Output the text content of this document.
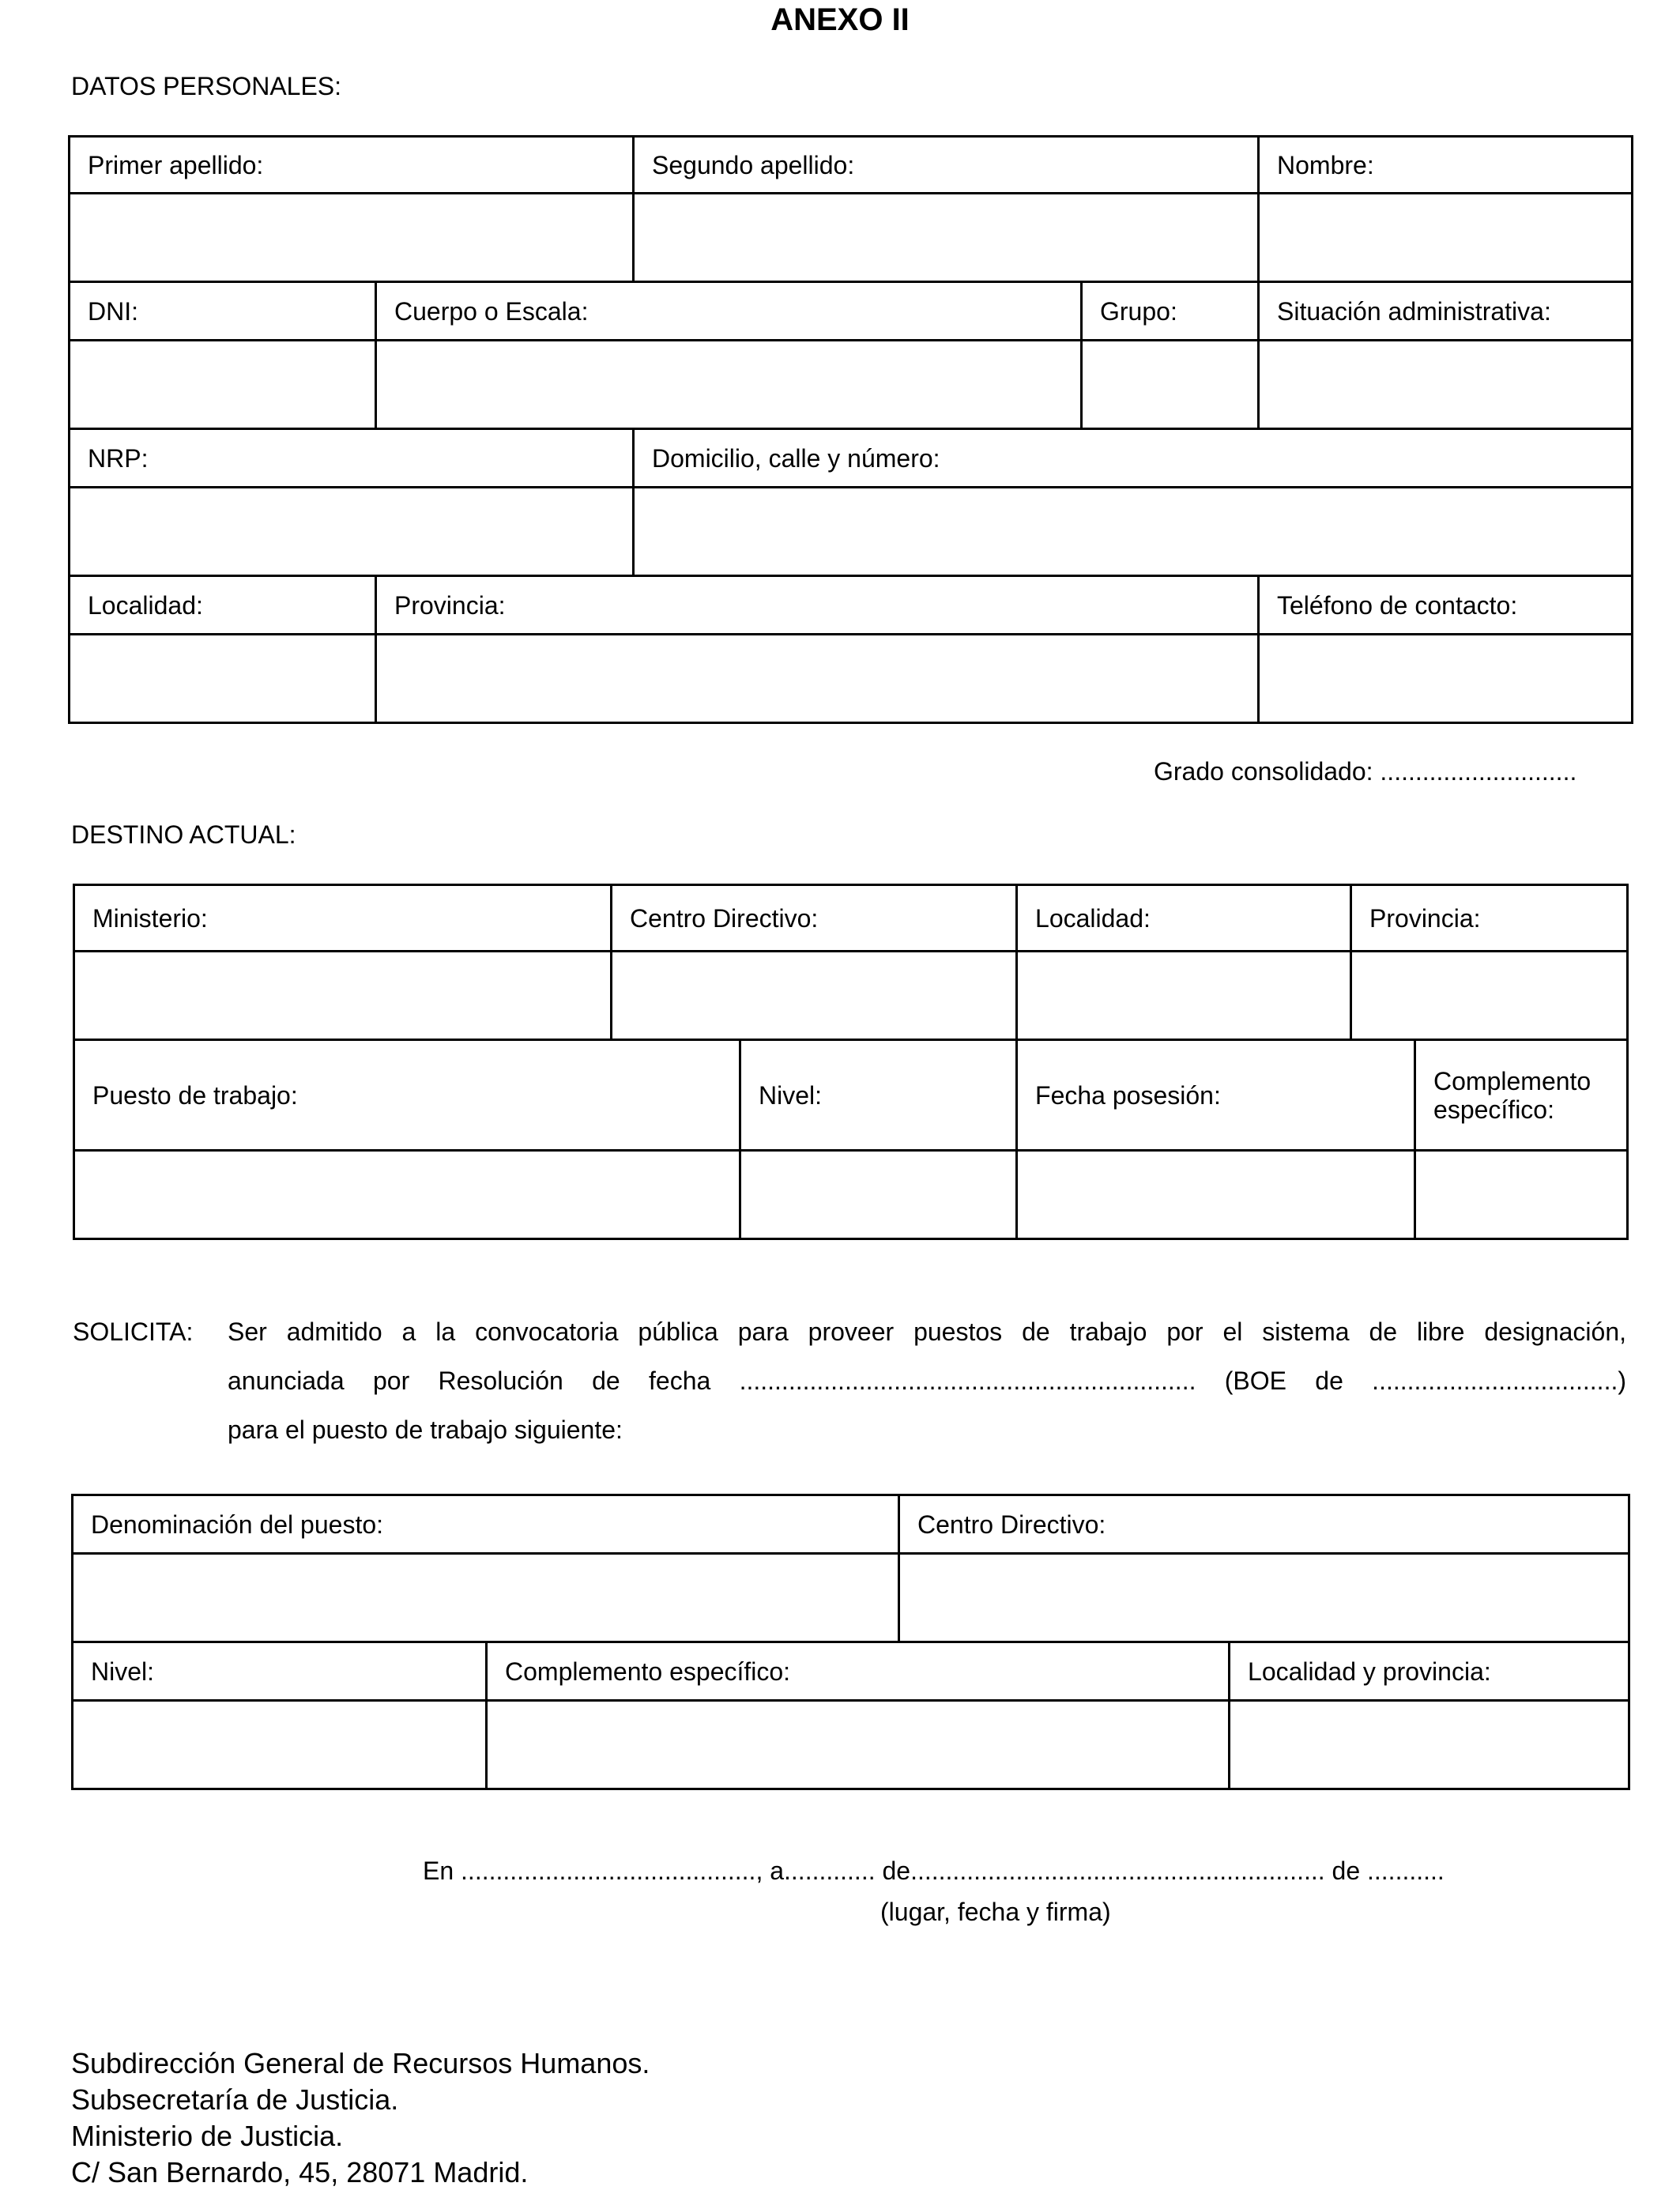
ANEXO II
DATOS PERSONALES:
Primer apellido:		Segundo apellido:		Nombre:

DNI:	Cuerpo o Escala:		Grupo:	Situación administrativa:

NRP:		Domicilio, calle y número:		

Localidad:	Provincia:			Teléfono de contacto:

Grado consolidado: ............................
DESTINO ACTUAL:
Ministerio:	Centro Directivo:		Localidad:	Provincia:	

Puesto de trabajo:		Nivel:	Fecha posesión:		Complemento
específico:

SOLICITA: Ser admitido a la convocatoria pública para proveer puestos de trabajo por el sistema de libre designación,
anunciada por Resolución de fecha ................................................................. (BOE de ...................................)
para el puesto de trabajo siguiente:
Denominación del puesto:		Centro Directivo:	

Nivel:	Complemento específico:		Localidad y provincia:

En .........................................., a............. de........................................................... de ...........
(lugar, fecha y firma)
Subdirección General de Recursos Humanos.
Subsecretaría de Justicia.
Ministerio de Justicia.
C/ San Bernardo, 45, 28071 Madrid.
